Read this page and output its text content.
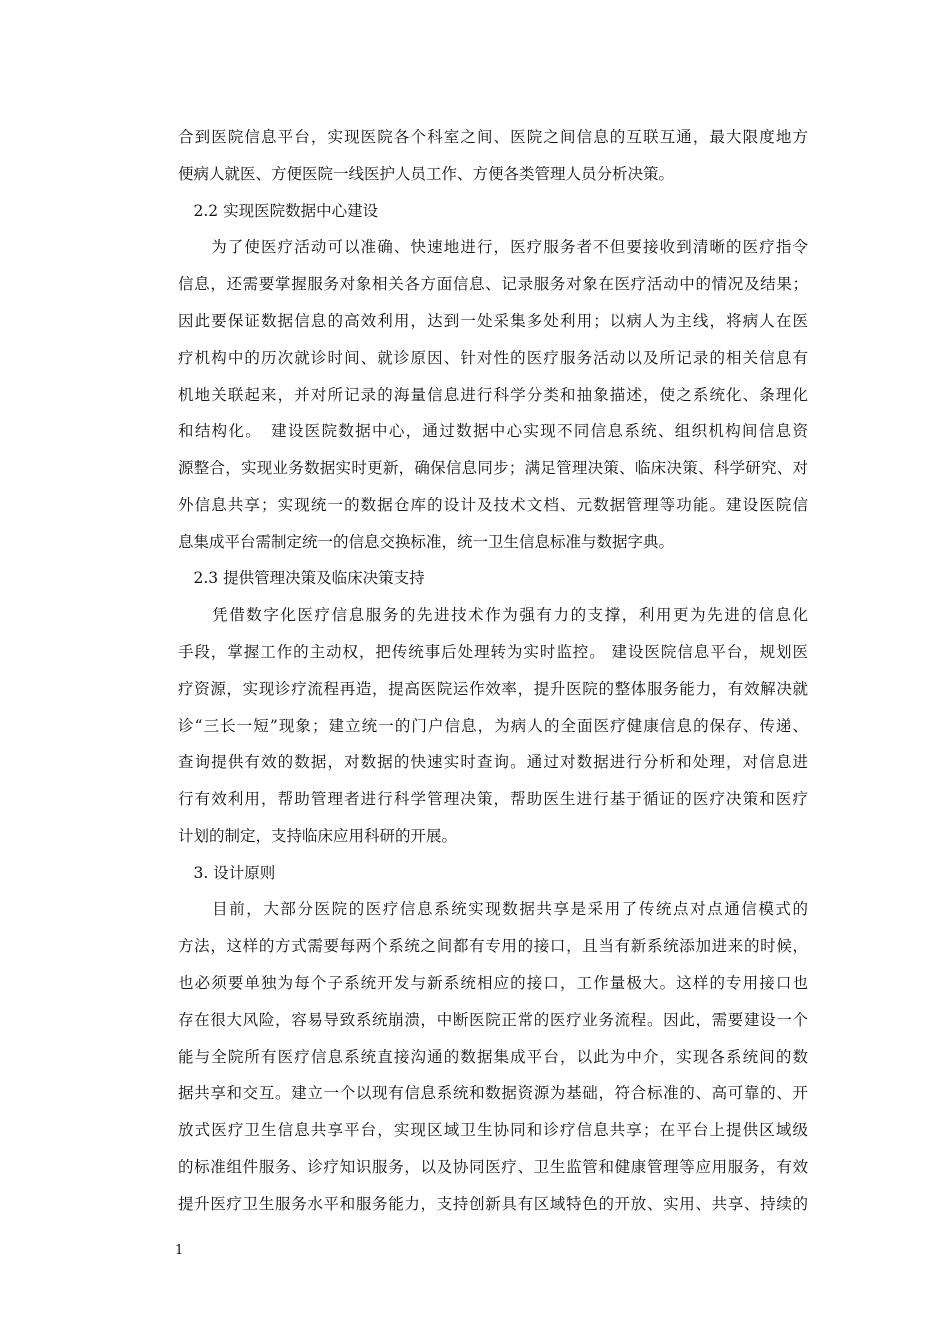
合到医院信息平台，实现医院各个科室之间、医院之间信息的互联互通，最大限度地方
便病人就医、方便医院一线医护人员工作、方便各类管理人员分析决策。
　2.2 实现医院数据中心建设
　　为了使医疗活动可以准确、快速地进行，医疗服务者不但要接收到清晰的医疗指令
信息，还需要掌握服务对象相关各方面信息、记录服务对象在医疗活动中的情况及结果；
因此要保证数据信息的高效利用，达到一处采集多处利用；以病人为主线，将病人在医
疗机构中的历次就诊时间、就诊原因、针对性的医疗服务活动以及所记录的相关信息有
机地关联起来，并对所记录的海量信息进行科学分类和抽象描述，使之系统化、条理化
和结构化。　建设医院数据中心，通过数据中心实现不同信息系统、组织机构间信息资
源整合，实现业务数据实时更新，确保信息同步；满足管理决策、临床决策、科学研究、对
外信息共享；实现统一的数据仓库的设计及技术文档、元数据管理等功能。建设医院信
息集成平台需制定统一的信息交换标准，统一卫生信息标准与数据字典。
　2.3 提供管理决策及临床决策支持
　　凭借数字化医疗信息服务的先进技术作为强有力的支撑，利用更为先进的信息化
手段，掌握工作的主动权，把传统事后处理转为实时监控。 建设医院信息平台，规划医
疗资源，实现诊疗流程再造，提高医院运作效率，提升医院的整体服务能力，有效解决就
诊“三长一短”现象；建立统一的门户信息，为病人的全面医疗健康信息的保存、传递、
查询提供有效的数据，对数据的快速实时查询。通过对数据进行分析和处理，对信息进
行有效利用，帮助管理者进行科学管理决策，帮助医生进行基于循证的医疗决策和医疗
计划的制定，支持临床应用科研的开展。
　3. 设计原则
　　目前，大部分医院的医疗信息系统实现数据共享是采用了传统点对点通信模式的
方法，这样的方式需要每两个系统之间都有专用的接口，且当有新系统添加进来的时候，
也必须要单独为每个子系统开发与新系统相应的接口，工作量极大。这样的专用接口也
存在很大风险，容易导致系统崩溃，中断医院正常的医疗业务流程。因此，需要建设一个
能与全院所有医疗信息系统直接沟通的数据集成平台，以此为中介，实现各系统间的数
据共享和交互。建立一个以现有信息系统和数据资源为基础，符合标准的、高可靠的、开
放式医疗卫生信息共享平台，实现区域卫生协同和诊疗信息共享；在平台上提供区域级
的标准组件服务、诊疗知识服务，以及协同医疗、卫生监管和健康管理等应用服务，有效
提升医疗卫生服务水平和服务能力，支持创新具有区域特色的开放、实用、共享、持续的
1
